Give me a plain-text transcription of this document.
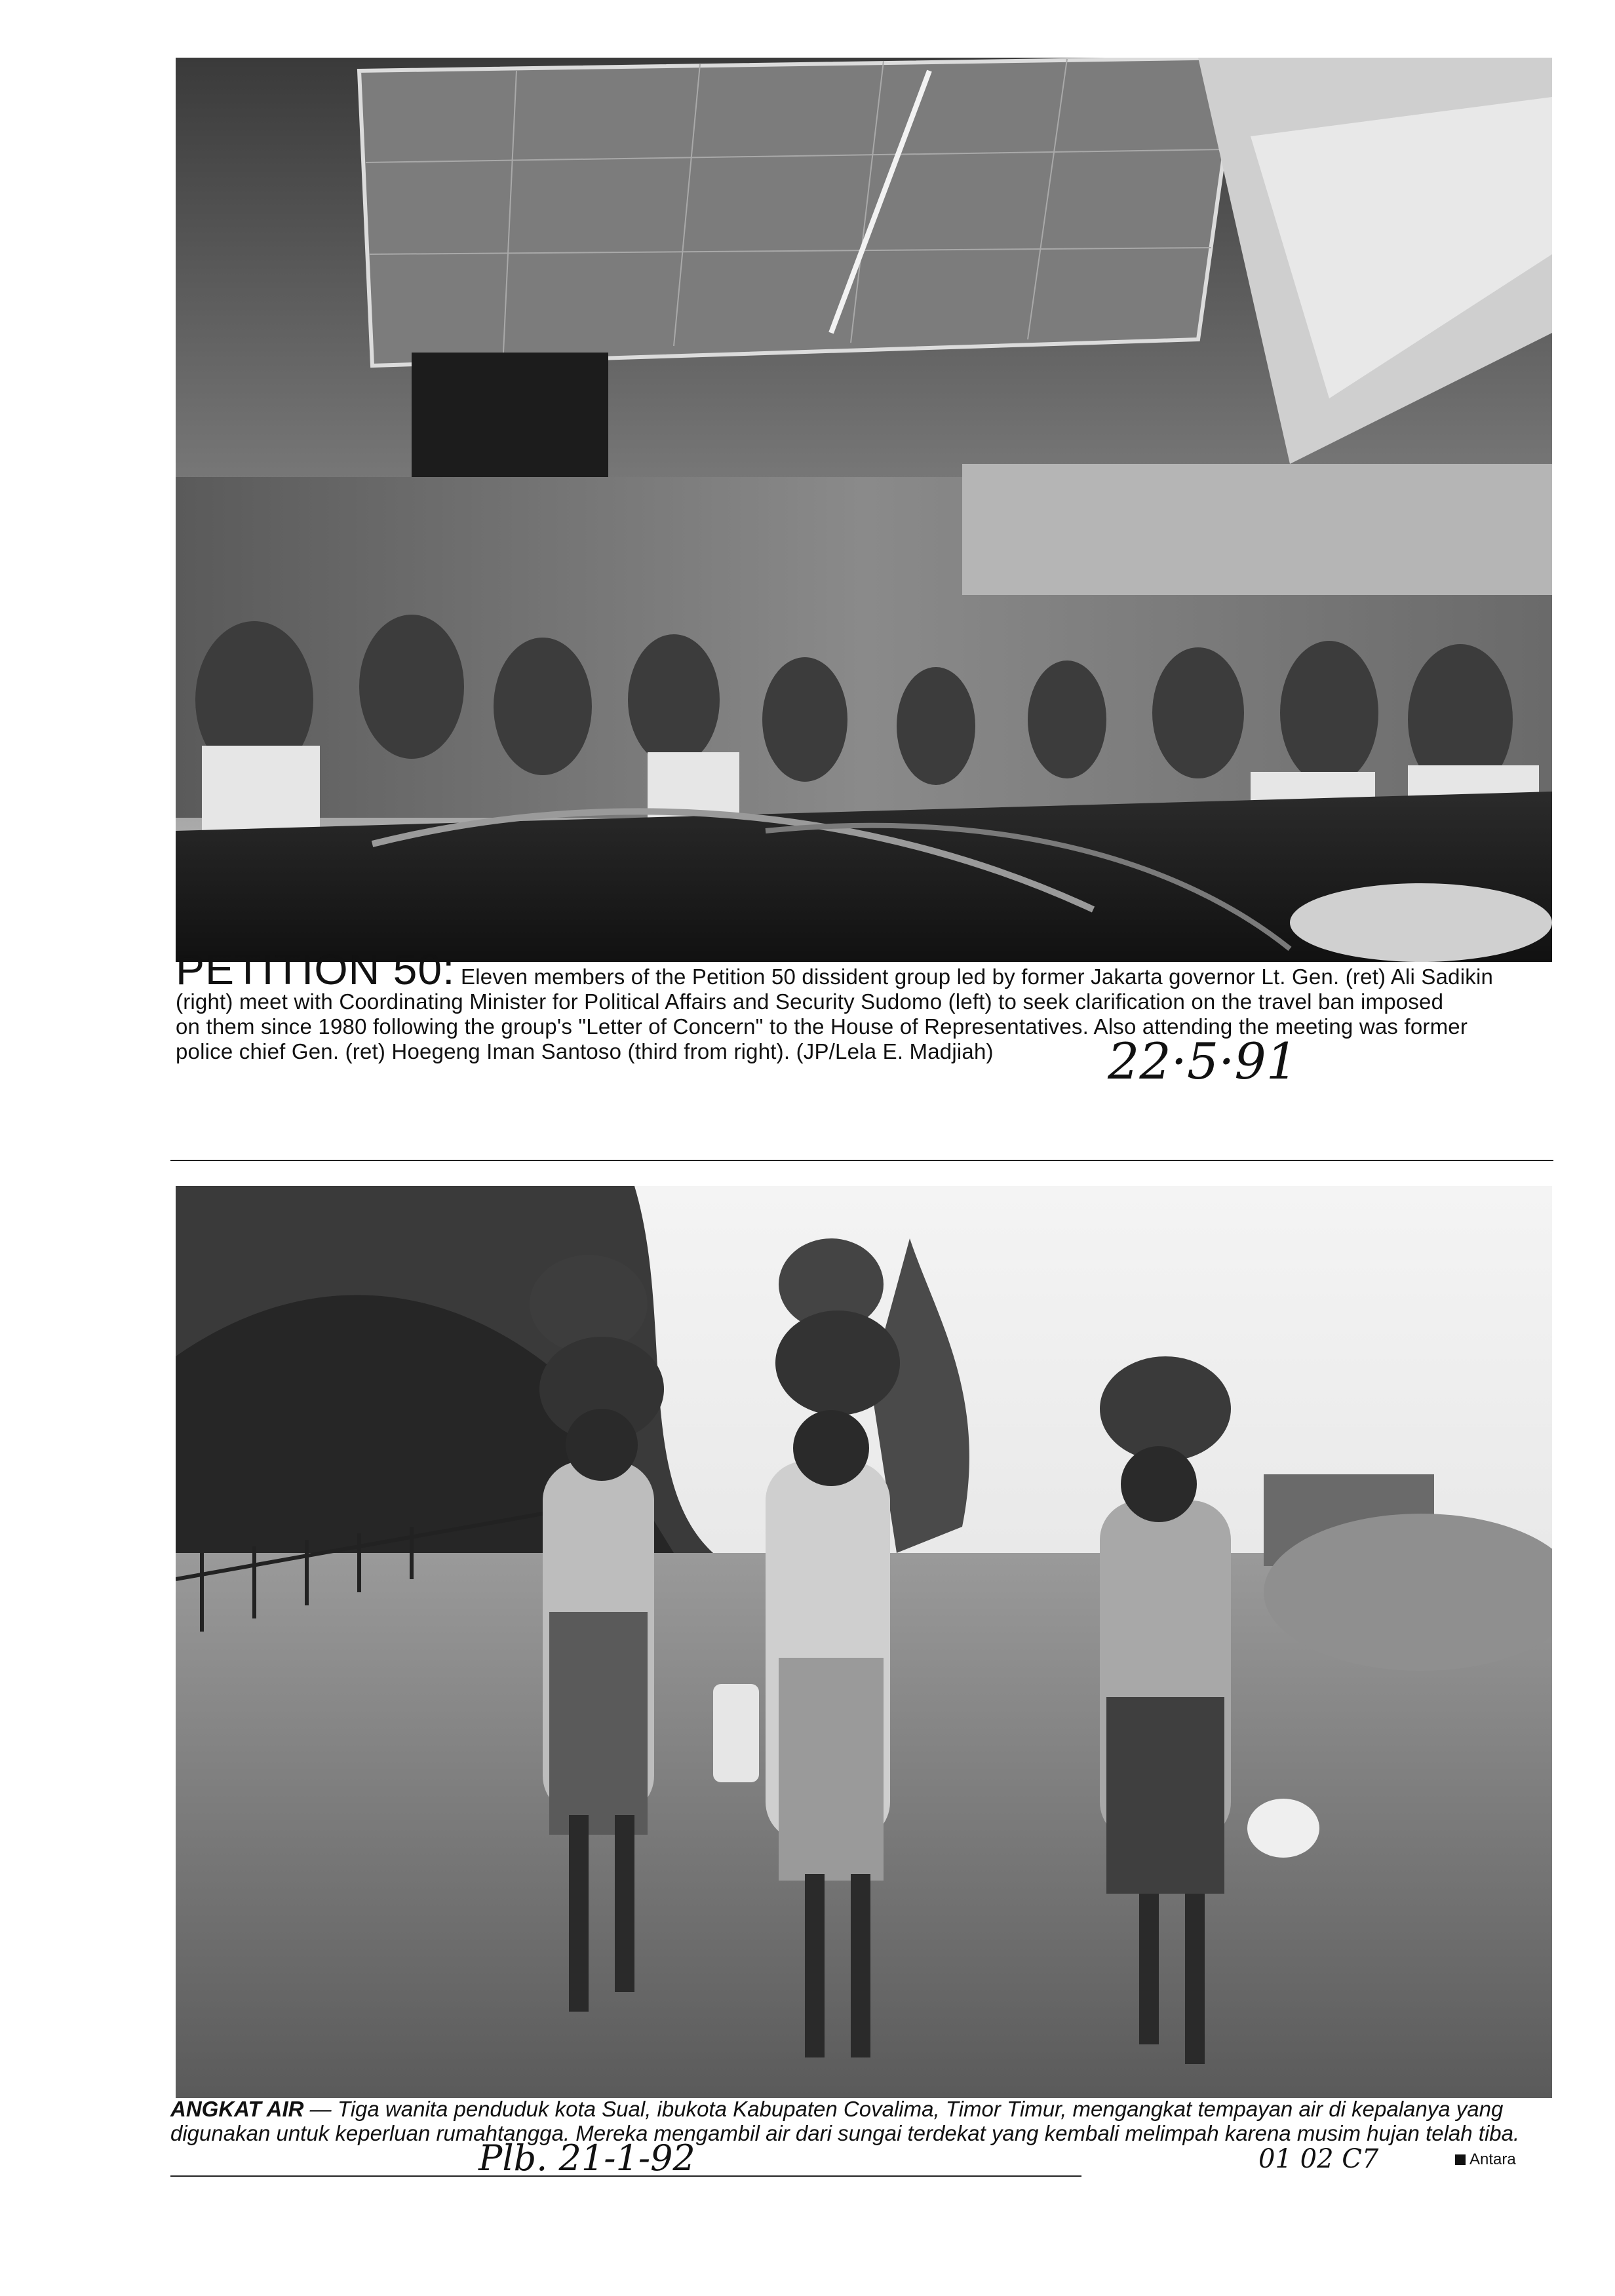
PETITION 50: Eleven members of the Petition 50 dissident group led by former Jakarta governor Lt. Gen. (ret) Ali Sadikin
(right) meet with Coordinating Minister for Political Affairs and Security Sudomo (left) to seek clarification on the travel ban imposed
on them since 1980 following the group's "Letter of Concern" to the House of Representatives. Also attending the meeting was former
police chief Gen. (ret) Hoegeng Iman Santoso (third from right). (JP/Lela E. Madjiah)	22·5·91
ANGKAT AIR — Tiga wanita penduduk kota Sual, ibukota Kabupaten Covalima, Timor Timur, mengangkat tempayan air di kepalanya yang
digunakan untuk keperluan rumahtangga. Mereka mengambil air dari sungai terdekat yang kembali melimpah karena musim hujan telah tiba.
Plb. 21-1-92	01 02 C7	Antara
